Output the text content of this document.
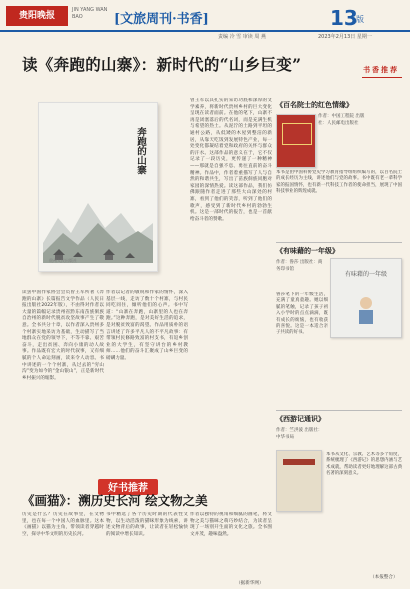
贵阳晚报
JIN YANG WAN BAO	[文旅周刊·书香]	13
版
责编 冷 雪 审读 周 燕	2023年2月13日 星期一
读《奔跑的山寨》：新时代的“山乡巨变”
奔跑的山寨
贵州人民出版社
读罢中国作家协会会员曾王军所著《奔跑的山寨》长篇报告文学作品（人民日报出版社2022年版），不由得对作者以大量的篇幅记录贵州省黔东南苗族侗族自治州的新时代脱贫攻坚故事产生了敬意。全书共分十章，以作者深入贵州多个村寨实地采访为基础，生动描写了当地群众在党的领导下，不等不靠、艰苦奋斗，走出贫困、奔向小康的动人故事。作品既有宏大的时代叙事，又有细腻的个人命运刻画，读来令人动容。书中讲述的一个个村寨，从过去的“穷山沟”变为如今的“金山银山”，正是新时代乡村振兴的缩影。
作者以记者的敏锐和作家的情怀，深入基层一线，走访了数十个村寨，与村民同吃同住，倾听他们的心声。书中写道：“山寨在奔跑，山寨里的人也在奔跑。”这种奔跑，是对美好生活的追求，是对脱贫致富的渴望。作品用质朴的语言讲述了许多平凡人的不平凡故事：有带领村民修路致富的村支书，有返乡创业的大学生，有坚守讲台的乡村教师……他们的奋斗汇聚成了山乡巨变的磅礴力量。
曾王军以其扎实的采访功底和深厚的文学素养，将新时代贵州乡村的巨大变化呈现在读者面前。在他的笔下，山寨不再是闭塞落后的代名词，而是充满生机与希望的热土。从泥泞的土路到平坦的通村公路，从低矮的木屋到整洁的新居，从靠天吃饭到发展特色产业，每一处变化都凝结着党和政府的关怀与群众的汗水。这部作品的意义在于，它不仅记录了一段历史，更传递了一种精神——那就是自强不息、勇往直前的奋斗精神。作品中，作者着重描写了人与自然的和谐共生，写出了苗族侗族同胞对家园的深情热爱。读这部作品，我们仿佛跟随作者走进了那些大山深处的村寨，看到了他们的笑容，听到了他们的歌声，感受到了新时代乡村的勃勃生机。这是一部时代的报告，也是一首献给奋斗者的赞歌。
书香推荐
《百名院士的红色情缘》
作者：中国工程院 出版社：人民邮电出版社
本书是由中国科协党史学习教育指导组组织编写的，以百名院士的成长经历为主线，讲述他们与党的故事。书中既有老一辈科学家的报国情怀，也有新一代科技工作者的使命担当，展现了中国科技事业的辉煌成就。
《有味藉的一年级》
作者：鲁莎 出版社：商务印书馆
有味藉的一年级
鲁莎笔下的一年级生活，充满了童真童趣。她以细腻的笔触，记录了孩子初入小学时的点点滴滴，既有成长的烦恼，也有收获的喜悦。这是一本适合亲子共读的好书。
《西游记通识》
作者：竺洪波 出版社：中华书局
本书从文化、宗教、艺术等多个角度，系统梳理了《西游记》的思想内涵与艺术成就，帮助读者更好地理解这部古典名著的深刻意义。
（本报整合）
好书推荐
《画猫》：溯历史长河 绘文物之美
历史是什么？历史在故事里，在文物里，也在每一个中国人的血脉里。这本《画猫》以猫为主角，带领读者穿越时空，探寻中华文明的历史长河。
书中精选了各个历史时期的代表性文物，以生动活泼的猫咪形象为线索，讲述文物背后的故事，让读者在轻松愉快的阅读中增长知识。
作者以独特的视角和细腻的画笔，将文物之美与猫咪之萌巧妙结合，为读者呈现了一场别开生面的文化之旅。全书图文并茂，趣味盎然。
（据新华网）
